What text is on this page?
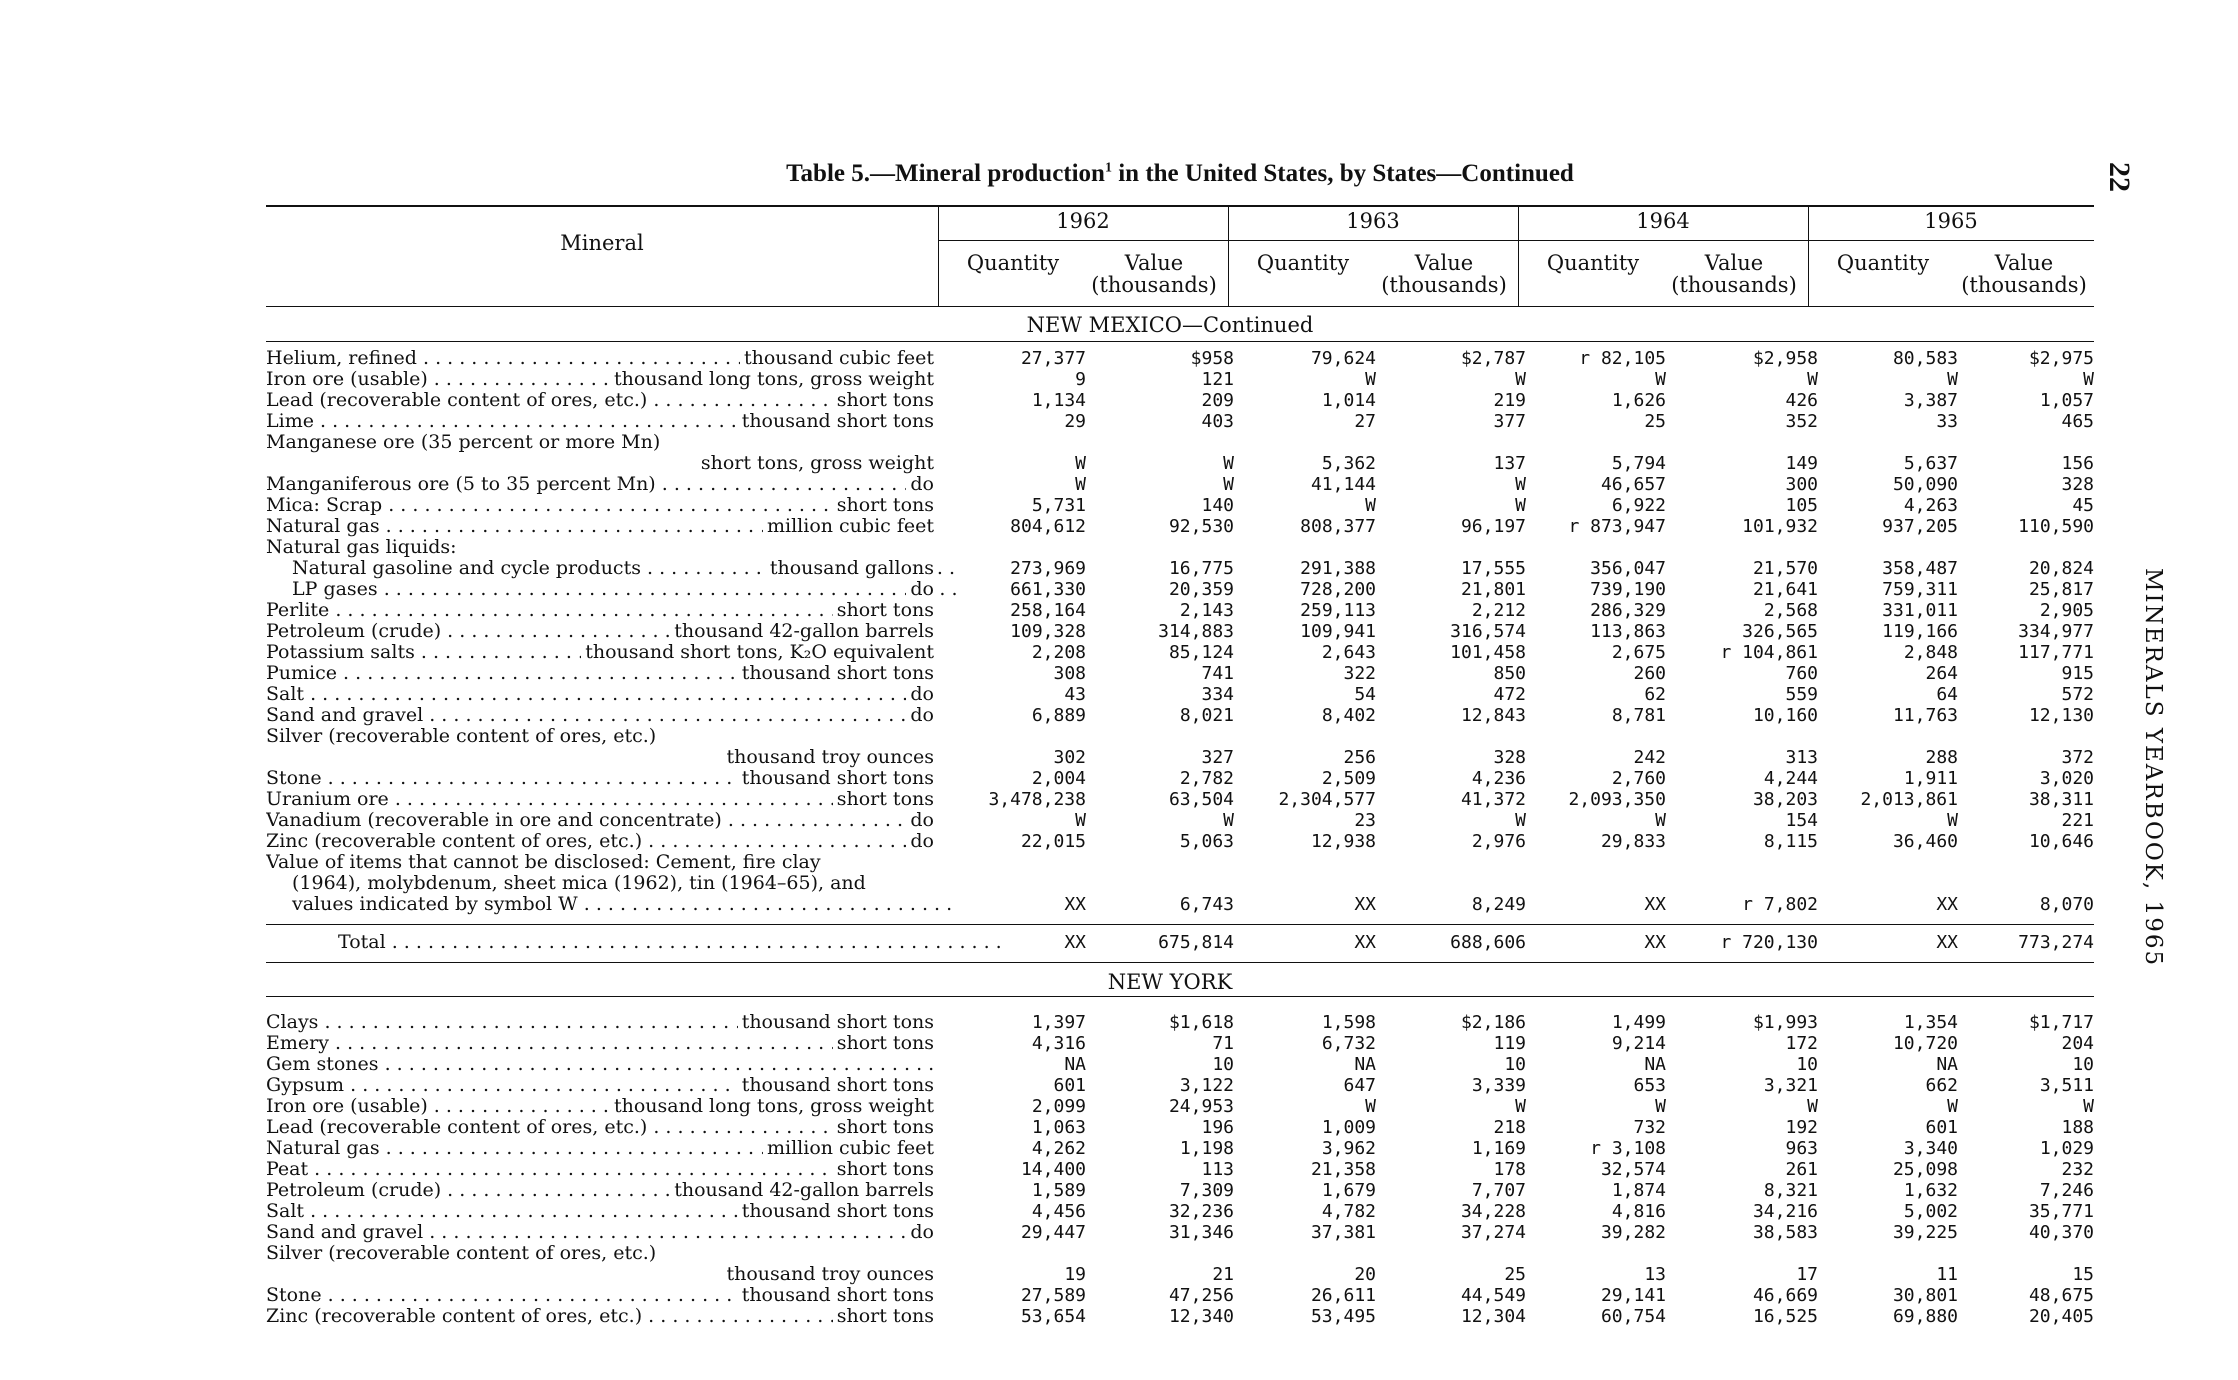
Table 5.—Mineral production$^1$ in the United States, by States—Continued	22
MINERALS YEARBOOK, 1965
Mineral
1962	1963	1964	1965
Quantity	Value
(thousands)
Quantity	Value
(thousands)
Quantity	Value
(thousands)
Quantity	Value
(thousands)
NEW MEXICO—Continued
Helium, refined . . .	thousand cubic feet	27,377	$958	79,624	$2,787	r 82,105	$2,958	80,583	$2,975
Iron ore (usable) . . .	thousand long tons, gross weight	9	121	W	W	W	W	W	W
Lead (recoverable content of ores, etc.) . . .	short tons	1,134	209	1,014	219	1,626	426	3,387	1,057
Lime . . .	thousand short tons	29	403	27	377	25	352	33	465
Manganese ore (35 percent or more Mn)
short tons, gross weight	W	W	5,362	137	5,794	149	5,637	156
Manganiferous ore (5 to 35 percent Mn) . . .	do	W	W	41,144	W	46,657	300	50,090	328
Mica: Scrap . . .	short tons	5,731	140	W	W	6,922	105	4,263	45
Natural gas . . .	million cubic feet	804,612	92,530	808,377	96,197	r 873,947	101,932	937,205	110,590
Natural gas liquids:
Natural gasoline and cycle products . . .	thousand gallons	273,969	16,775	291,388	17,555	356,047	21,570	358,487	20,824
LP gases . . .	do	661,330	20,359	728,200	21,801	739,190	21,641	759,311	25,817
Perlite . . .	short tons	258,164	2,143	259,113	2,212	286,329	2,568	331,011	2,905
Petroleum (crude) . . .	thousand 42-gallon barrels	109,328	314,883	109,941	316,574	113,863	326,565	119,166	334,977
Potassium salts . . .	thousand short tons, K₂O equivalent	2,208	85,124	2,643	101,458	2,675	r 104,861	2,848	117,771
Pumice . . .	thousand short tons	308	741	322	850	260	760	264	915
Salt . . .	do	43	334	54	472	62	559	64	572
Sand and gravel . . .	do	6,889	8,021	8,402	12,843	8,781	10,160	11,763	12,130
Silver (recoverable content of ores, etc.)
thousand troy ounces	302	327	256	328	242	313	288	372
Stone . . .	thousand short tons	2,004	2,782	2,509	4,236	2,760	4,244	1,911	3,020
Uranium ore . . .	short tons	3,478,238	63,504	2,304,577	41,372	2,093,350	38,203	2,013,861	38,311
Vanadium (recoverable in ore and concentrate) . . .	do	W	W	23	W	W	154	W	221
Zinc (recoverable content of ores, etc.) . . .	do	22,015	5,063	12,938	2,976	29,833	8,115	36,460	10,646
Value of items that cannot be disclosed: Cement, fire clay
(1964), molybdenum, sheet mica (1962), tin (1964–65), and
values indicated by symbol W . . .	XX	6,743	XX	8,249	XX	r 7,802	XX	8,070
Total . . .	XX	675,814	XX	688,606	XX	r 720,130	XX	773,274
NEW YORK
Clays . . .	thousand short tons	1,397	$1,618	1,598	$2,186	1,499	$1,993	1,354	$1,717
Emery . . .	short tons	4,316	71	6,732	119	9,214	172	10,720	204
Gem stones . . .	NA	10	NA	10	NA	10	NA	10
Gypsum . . .	thousand short tons	601	3,122	647	3,339	653	3,321	662	3,511
Iron ore (usable) . . .	thousand long tons, gross weight	2,099	24,953	W	W	W	W	W	W
Lead (recoverable content of ores, etc.) . . .	short tons	1,063	196	1,009	218	732	192	601	188
Natural gas . . .	million cubic feet	4,262	1,198	3,962	1,169	r 3,108	963	3,340	1,029
Peat . . .	short tons	14,400	113	21,358	178	32,574	261	25,098	232
Petroleum (crude) . . .	thousand 42-gallon barrels	1,589	7,309	1,679	7,707	1,874	8,321	1,632	7,246
Salt . . .	thousand short tons	4,456	32,236	4,782	34,228	4,816	34,216	5,002	35,771
Sand and gravel . . .	do	29,447	31,346	37,381	37,274	39,282	38,583	39,225	40,370
Silver (recoverable content of ores, etc.)
thousand troy ounces	19	21	20	25	13	17	11	15
Stone . . .	thousand short tons	27,589	47,256	26,611	44,549	29,141	46,669	30,801	48,675
Zinc (recoverable content of ores, etc.) . . .	short tons	53,654	12,340	53,495	12,304	60,754	16,525	69,880	20,405
